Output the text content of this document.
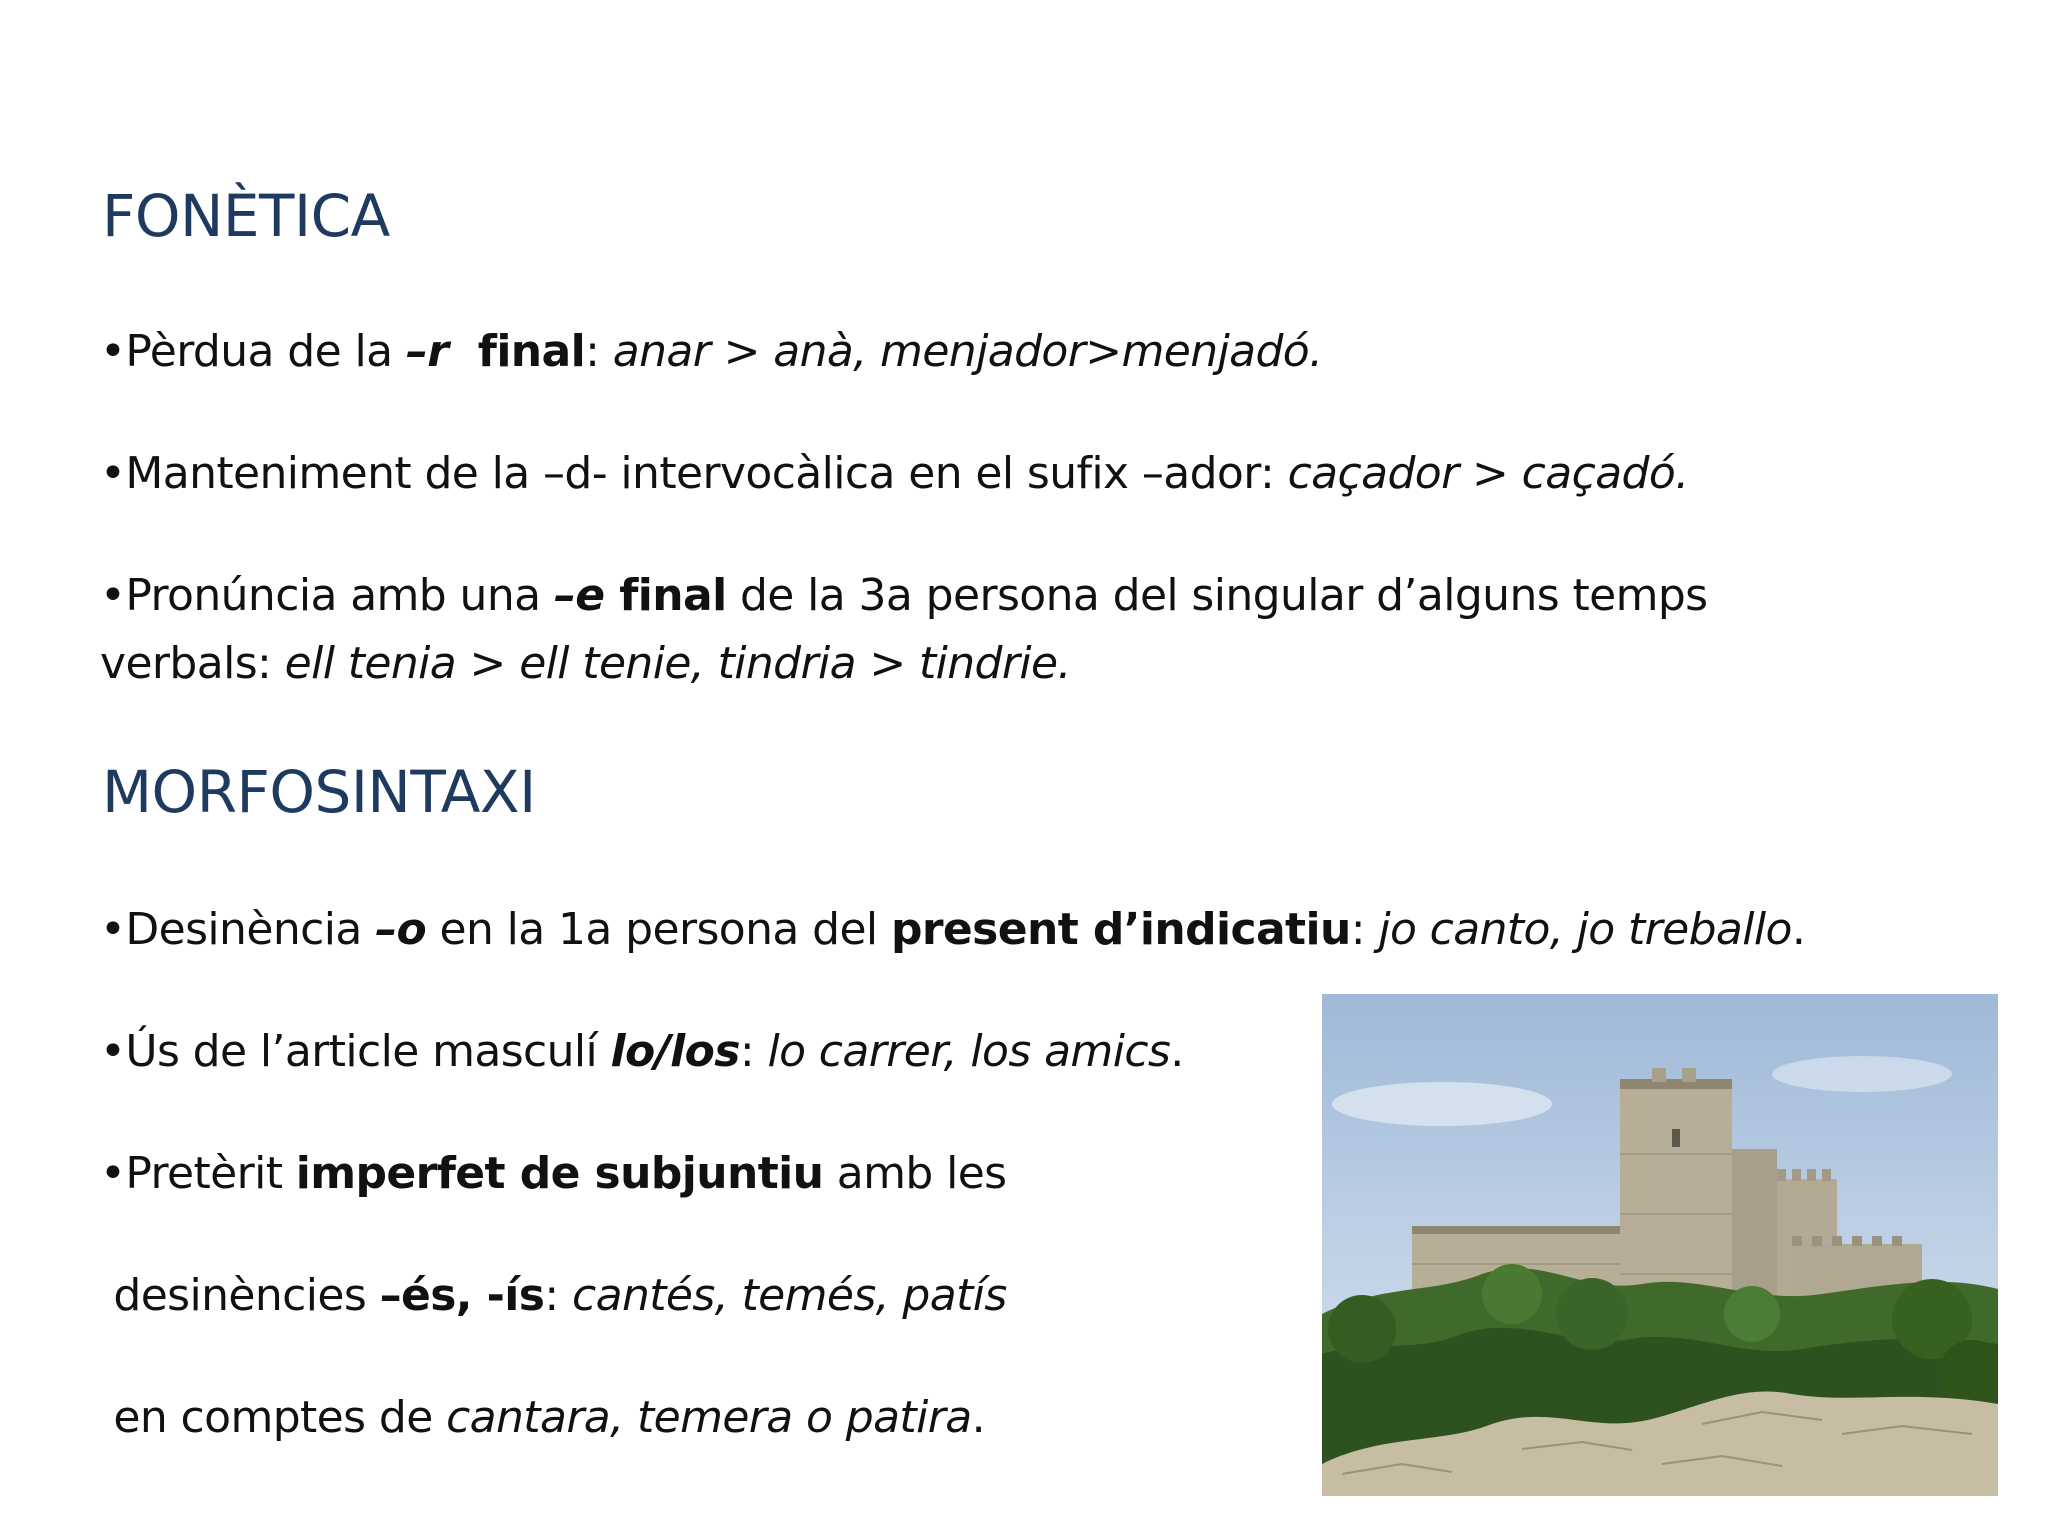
FONÈTICA

•Pèrdua de la –r  final: anar > anà, menjador>menjadó.

•Manteniment de la –d- intervocàlica en el sufix –ador: caçador > caçadó.

•Pronúncia amb una –e final de la 3a persona del singular d’alguns temps
verbals: ell tenia > ell tenie, tindria > tindrie.

MORFOSINTAXI

•Desinència –o en la 1a persona del present d’indicatiu: jo canto, jo treballo.

•Ús de l’article masculí lo/los: lo carrer, los amics.

•Pretèrit imperfet de subjuntiu amb les

desinències –és, -ís: cantés, temés, patís

en comptes de cantara, temera o patira.
